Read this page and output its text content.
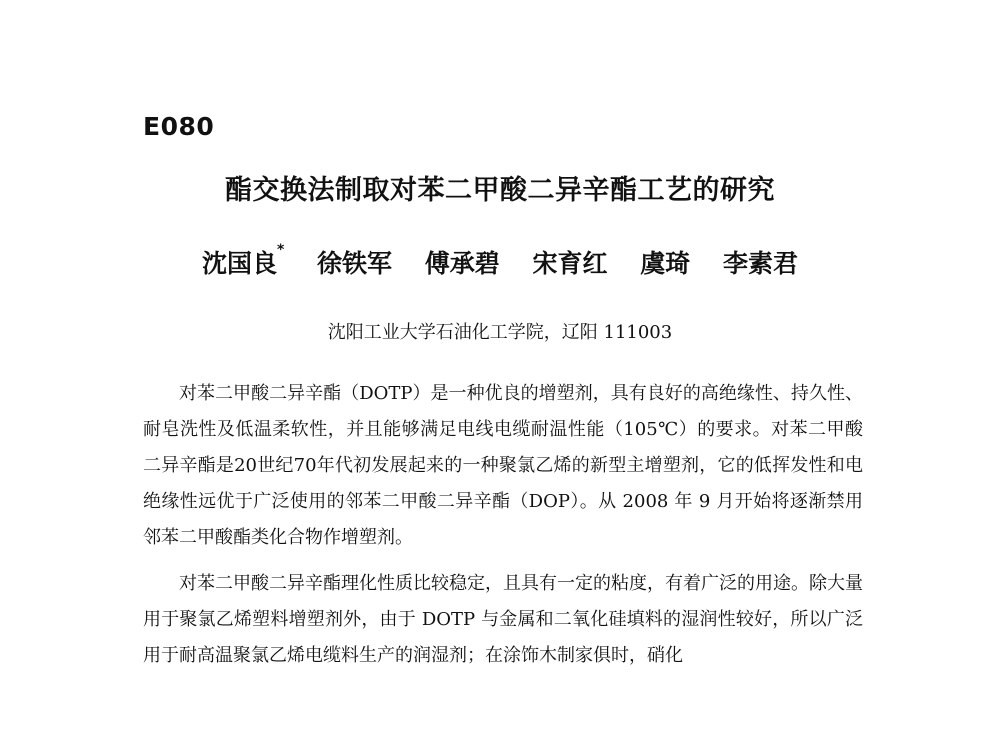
E080
酯交换法制取对苯二甲酸二异辛酯工艺的研究
沈国良* 徐铁军 傅承碧 宋育红 虞琦 李素君
沈阳工业大学石油化工学院，辽阳 111003

对苯二甲酸二异辛酯（DOTP）是一种优良的增塑剂，具有良好的高绝缘性、持久性、耐皂洗性及低温柔软性，并且能够满足电线电缆耐温性能（105℃）的要求。对苯二甲酸二异辛酯是20世纪70年代初发展起来的一种聚氯乙烯的新型主增塑剂，它的低挥发性和电绝缘性远优于广泛使用的邻苯二甲酸二异辛酯（DOP）。从 2008 年 9 月开始将逐渐禁用邻苯二甲酸酯类化合物作增塑剂。

对苯二甲酸二异辛酯理化性质比较稳定，且具有一定的粘度，有着广泛的用途。除大量用于聚氯乙烯塑料增塑剂外，由于 DOTP 与金属和二氧化硅填料的湿润性较好，所以广泛用于耐高温聚氯乙烯电缆料生产的润湿剂；在涂饰木制家俱时，硝化
